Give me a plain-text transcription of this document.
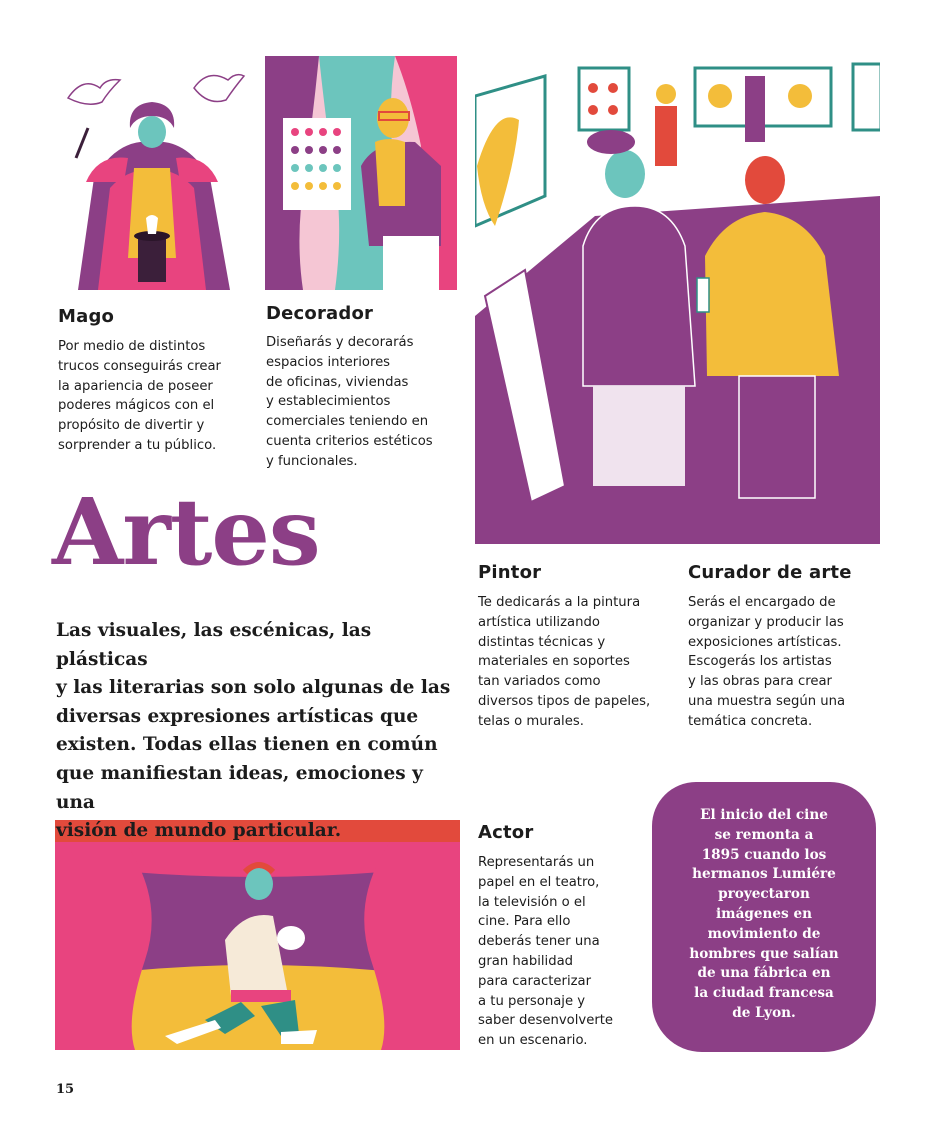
Mago

Por medio de distintos
trucos conseguirás crear
la apariencia de poseer
poderes mágicos con el
propósito de divertir y
sorprender a tu público.

Decorador

Diseñarás y decorarás
espacios interiores
de oficinas, viviendas
y establecimientos
comerciales teniendo en
cuenta criterios estéticos
y funcionales.

Artes

Las visuales, las escénicas, las plásticas
y las literarias son solo algunas de las
diversas expresiones artísticas que
existen. Todas ellas tienen en común
que manifiestan ideas, emociones y una
visión de mundo particular.

Pintor

Te dedicarás a la pintura
artística utilizando
distintas técnicas y
materiales en soportes
tan variados como
diversos tipos de papeles,
telas o murales.

Curador de arte

Serás el encargado de
organizar y producir las
exposiciones artísticas.
Escogerás los artistas
y las obras para crear
una muestra según una
temática concreta.

Actor

Representarás un
papel en el teatro,
la televisión o el
cine. Para ello
deberás tener una
gran habilidad
para caracterizar
a tu personaje y
saber desenvolverte
en un escenario.

El inicio del cine
se remonta a
1895 cuando los
hermanos Lumiére
proyectaron
imágenes en
movimiento de
hombres que salían
de una fábrica en
la ciudad francesa
de Lyon.

15
